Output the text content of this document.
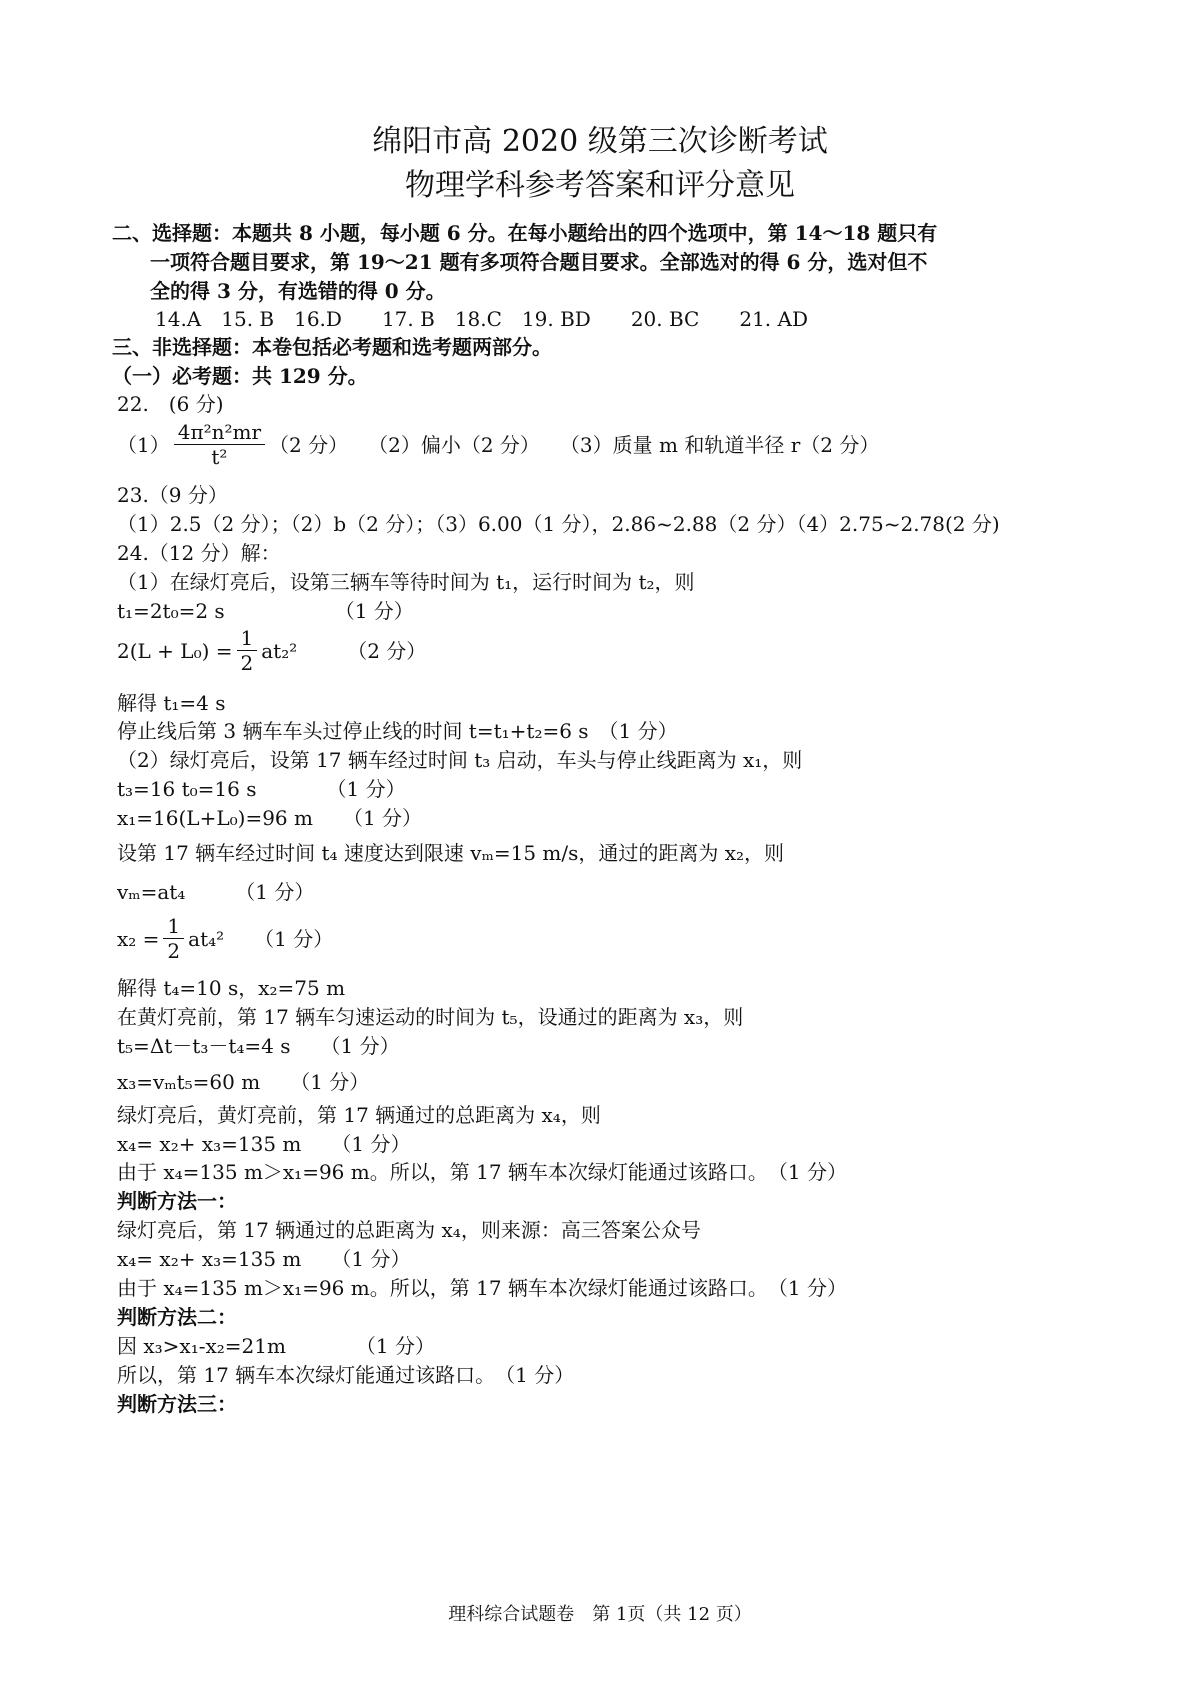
绵阳市高 2020 级第三次诊断考试
物理学科参考答案和评分意见
二、选择题：本题共 8 小题，每小题 6 分。在每小题给出的四个选项中，第 14～18 题只有
一项符合题目要求，第 19～21 题有多项符合题目要求。全部选对的得 6 分，选对但不
全的得 3 分，有选错的得 0 分。
14.A　15. B　16.D　　17. B　18.C　19. BD　　20. BC　　21. AD
三、非选择题：本卷包括必考题和选考题两部分。
（一）必考题：共 129 分。
22.　(6 分)
$(1) \frac{\text{4π²n²mr}}{\text{t²}} (2$ 分）　　（2）偏小（2 分）　　（3）质量 m 和轨道半径 r（2 分）
23.（9 分）
（1）2.5（2 分）；（2）b（2 分）；（3）6.00（1 分），2.86~2.88（2 分）（4）2.75~2.78(2 分)
24.（12 分）解：
（1）在绿灯亮后，设第三辆车等待时间为 t₁，运行时间为 t₂，则
t₁=2t₀=2 s　　　　　　（1 分）
$2(L + L_0) = \frac{1}{2} at_2^2$　　　（2 分）
解得 t₁=4 s
停止线后第 3 辆车车头过停止线的时间 t=t₁+t₂=6 s　（1 分）
（2）绿灯亮后，设第 17 辆车经过时间 t₃ 启动，车头与停止线距离为 x₁，则
t₃=16 t₀=16 s　　　　（1 分）
x₁=16(L+L₀)=96 m　　（1 分）
设第 17 辆车经过时间 t₄ 速度达到限速 vₘ=15 m/s，通过的距离为 x₂，则
vₘ=at₄　　　（1 分）
$x_2 = \frac{1}{2} at_4^2$　　（1 分）
解得 t₄=10 s，x₂=75 m
在黄灯亮前，第 17 辆车匀速运动的时间为 t₅，设通过的距离为 x₃，则
t₅=Δt－t₃－t₄=4 s　　（1 分）
x₃=vₘt₅=60 m　　（1 分）
绿灯亮后，黄灯亮前，第 17 辆通过的总距离为 x₄，则
x₄= x₂+ x₃=135 m　　（1 分）
由于 x₄=135 m＞x₁=96 m。所以，第 17 辆车本次绿灯能通过该路口。　（1 分）
判断方法一：
绿灯亮后，第 17 辆通过的总距离为 x₄，则来源：高三答案公众号
x₄= x₂+ x₃=135 m　　（1 分）
由于 x₄=135 m＞x₁=96 m。所以，第 17 辆车本次绿灯能通过该路口。　（1 分）
判断方法二：
因 x₃>x₁-x₂=21m　　　　（1 分）
所以，第 17 辆车本次绿灯能通过该路口。　（1 分）
判断方法三：
理科综合试题卷　第 1页（共 12 页）
